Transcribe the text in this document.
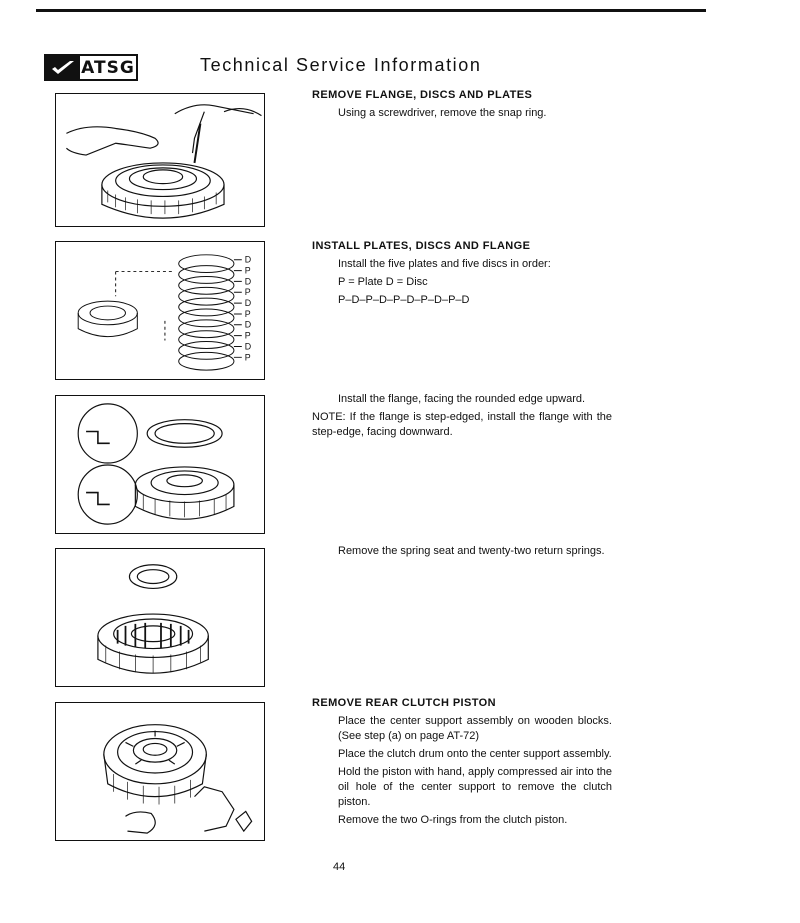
ATSG	Technical Service Information
D
P
D
P
D
P
D
P
D
P
REMOVE FLANGE, DISCS AND PLATES

Using a screwdriver, remove the snap ring.

INSTALL PLATES, DISCS AND FLANGE

Install the five plates and five discs in order:

P = Plate D = Disc

P–D–P–D–P–D–P–D–P–D

Install the flange, facing the rounded edge upward.

NOTE: If the flange is step-edged, install the flange with the step-edge, facing downward.

Remove the spring seat and twenty-two return springs.

REMOVE REAR CLUTCH PISTON

Place the center support assembly on wooden blocks. (See step (a) on page AT-72)

Place the clutch drum onto the center support assembly.

Hold the piston with hand, apply compressed air into the oil hole of the center support to remove the clutch piston.

Remove the two O-rings from the clutch piston.

44
